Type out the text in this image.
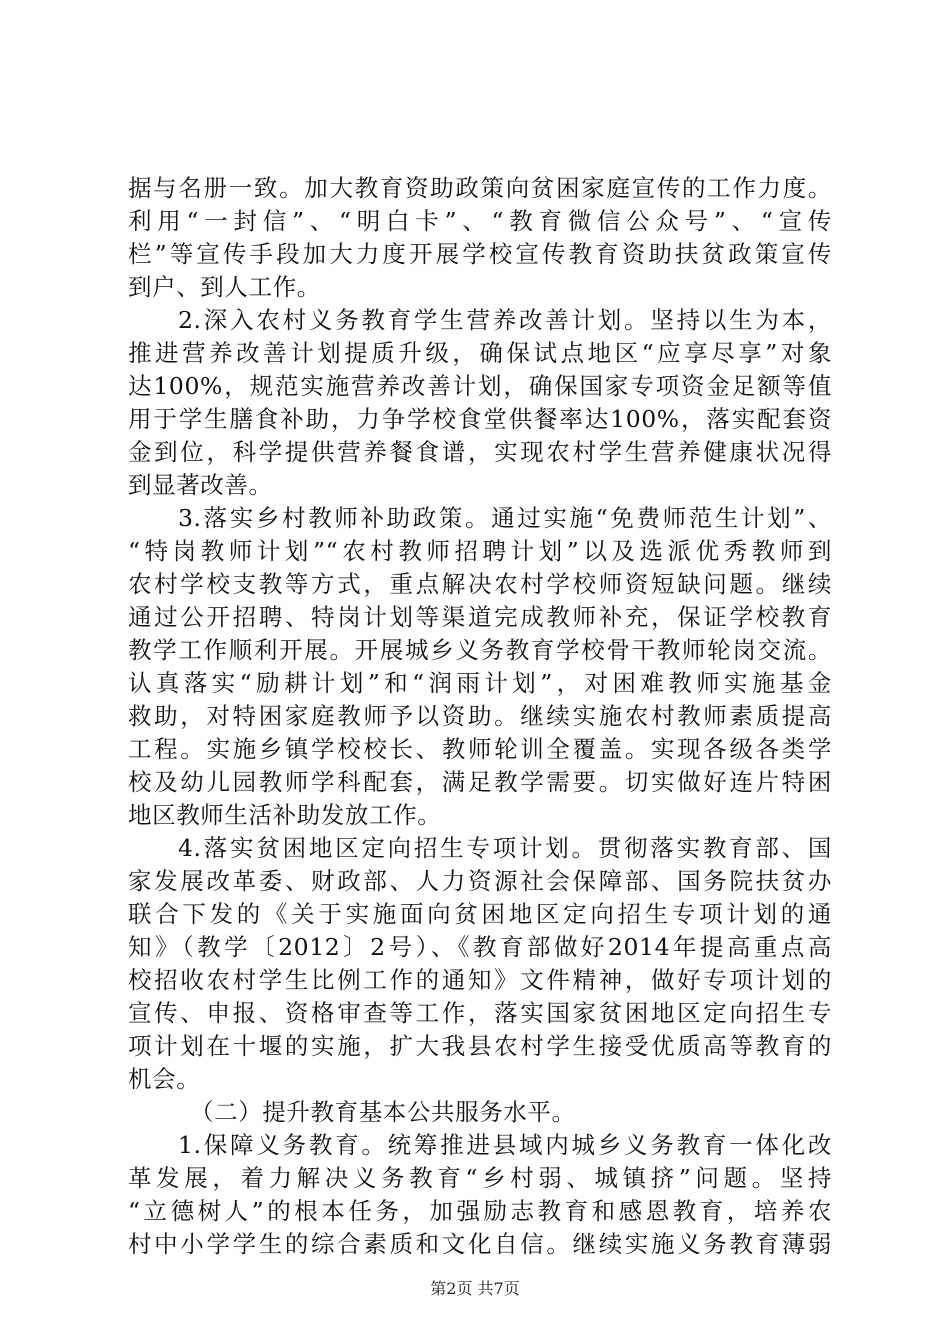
据与名册一致。加大教育资助政策向贫困家庭宣传的工作力度。
利用“一封信”、“明白卡”、“教育微信公众号”、“宣传
栏”等宣传手段加大力度开展学校宣传教育资助扶贫政策宣传
到户、到人工作。
2.深入农村义务教育学生营养改善计划。坚持以生为本，
推进营养改善计划提质升级，确保试点地区“应享尽享”对象
达100%，规范实施营养改善计划，确保国家专项资金足额等值
用于学生膳食补助，力争学校食堂供餐率达100%，落实配套资
金到位，科学提供营养餐食谱，实现农村学生营养健康状况得
到显著改善。
3.落实乡村教师补助政策。通过实施“免费师范生计划”、
“特岗教师计划”“农村教师招聘计划”以及选派优秀教师到
农村学校支教等方式，重点解决农村学校师资短缺问题。继续
通过公开招聘、特岗计划等渠道完成教师补充，保证学校教育
教学工作顺利开展。开展城乡义务教育学校骨干教师轮岗交流。
认真落实“励耕计划”和“润雨计划”，对困难教师实施基金
救助，对特困家庭教师予以资助。继续实施农村教师素质提高
工程。实施乡镇学校校长、教师轮训全覆盖。实现各级各类学
校及幼儿园教师学科配套，满足教学需要。切实做好连片特困
地区教师生活补助发放工作。
4.落实贫困地区定向招生专项计划。贯彻落实教育部、国
家发展改革委、财政部、人力资源社会保障部、国务院扶贫办
联合下发的《关于实施面向贫困地区定向招生专项计划的通
知》（教学〔2012〕2号）、《教育部做好2014年提高重点高
校招收农村学生比例工作的通知》文件精神，做好专项计划的
宣传、申报、资格审查等工作，落实国家贫困地区定向招生专
项计划在十堰的实施，扩大我县农村学生接受优质高等教育的
机会。
（二）提升教育基本公共服务水平。
1.保障义务教育。统筹推进县域内城乡义务教育一体化改
革发展，着力解决义务教育“乡村弱、城镇挤”问题。坚持
“立德树人”的根本任务，加强励志教育和感恩教育，培养农
村中小学学生的综合素质和文化自信。继续实施义务教育薄弱
第2页 共7页
